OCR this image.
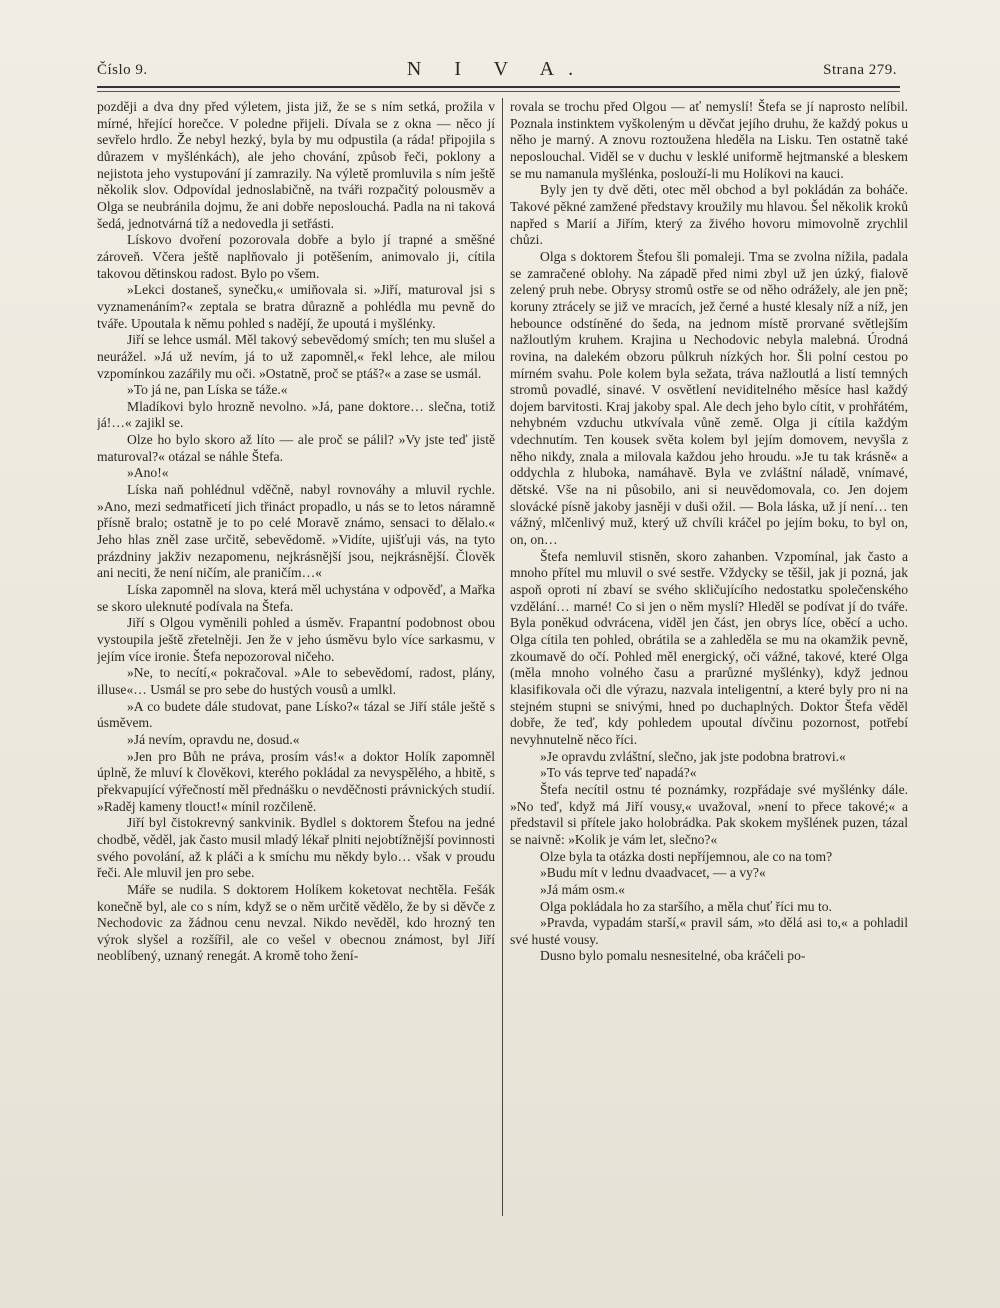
Číslo 9.	N I V A.	Strana 279.

později a dva dny před výletem, jista již, že se s ním setká, prožila v mírné, hřející horečce. V poledne přijeli. Dívala se z okna — něco jí sevřelo hrdlo. Že nebyl hezký, byla by mu odpustila (a ráda! připojila s důrazem v myšlénkách), ale jeho chování, způsob řeči, poklony a nejistota jeho vystupování jí zamrazily. Na výletě promluvila s ním ještě několik slov. Odpovídal jednoslabičně, na tváři rozpačitý polousměv a Olga se neubránila dojmu, že ani dobře neposlouchá. Padla na ni taková šedá, jednotvárná tíž a nedovedla ji setřásti.

Lískovo dvoření pozorovala dobře a bylo jí trapné a směšné zároveň. Včera ještě naplňovalo ji potěšením, animovalo ji, cítila takovou dětinskou radost. Bylo po všem.

»Lekci dostaneš, synečku,« umiňovala si. »Jiří, maturoval jsi s vyznamenáním?« zeptala se bratra důrazně a pohlédla mu pevně do tváře. Upoutala k němu pohled s nadějí, že upoutá i myšlénky.

Jiří se lehce usmál. Měl takový sebevědomý smích; ten mu slušel a neurážel. »Já už nevím, já to už zapomněl,« řekl lehce, ale milou vzpomínkou zazářily mu oči. »Ostatně, proč se ptáš?« a zase se usmál.

»To já ne, pan Líska se táže.«

Mladíkovi bylo hrozně nevolno. »Já, pane doktore… slečna, totiž já!…« zajikl se.

Olze ho bylo skoro až líto — ale proč se pálil? »Vy jste teď jistě maturoval?« otázal se náhle Štefa.

»Ano!«

Líska naň pohlédnul vděčně, nabyl rovnováhy a mluvil rychle. »Ano, mezi sedmatřicetí jich třináct propadlo, u nás se to letos náramně přísně bralo; ostatně je to po celé Moravě známo, sensaci to dělalo.« Jeho hlas zněl zase určitě, sebevědomě. »Vidíte, ujišťuji vás, na tyto prázdniny jakživ nezapomenu, nejkrásnější jsou, nejkrásnější. Člověk ani neciti, že není ničím, ale praničím…«

Líska zapomněl na slova, která měl uchystána v odpověď, a Mařka se skoro uleknuté podívala na Štefa.

Jiří s Olgou vyměnili pohled a úsměv. Frapantní podobnost obou vystoupila ještě zřetelněji. Jen že v jeho úsměvu bylo více sarkasmu, v jejím více ironie. Štefa nepozoroval ničeho.

»Ne, to necítí,« pokračoval. »Ale to sebevědomí, radost, plány, illuse«… Usmál se pro sebe do hustých vousů a umlkl.

»A co budete dále studovat, pane Lísko?« tázal se Jiří stále ještě s úsměvem.

»Já nevím, opravdu ne, dosud.«

»Jen pro Bůh ne práva, prosím vás!« a doktor Holík zapomněl úplně, že mluví k člověkovi, kterého pokládal za nevyspělého, a hbitě, s překvapující výřečností měl přednášku o nevděčnosti právnických studií. »Raděj kameny tlouct!« mínil rozčileně.

Jiří byl čistokrevný sankvinik. Bydlel s doktorem Štefou na jedné chodbě, věděl, jak často musil mladý lékař plniti nejobtížnější povinnosti svého povolání, až k pláči a k smíchu mu někdy bylo… však v proudu řeči. Ale mluvil jen pro sebe.

Máře se nudila. S doktorem Holíkem koketovat nechtěla. Fešák konečně byl, ale co s ním, když se o něm určitě vědělo, že by si děvče z Nechodovic za žádnou cenu nevzal. Nikdo nevěděl, kdo hrozný ten výrok slyšel a rozšířil, ale co vešel v obecnou známost, byl Jiří neoblíbený, uznaný renegát. A kromě toho žení-

rovala se trochu před Olgou — ať nemyslí! Štefa se jí naprosto nelíbil. Poznala instinktem vyškoleným u děvčat jejího druhu, že každý pokus u něho je marný. A znovu roztoužena hleděla na Lisku. Ten ostatně také neposlouchal. Viděl se v duchu v lesklé uniformě hejtmanské a bleskem se mu namanula myšlénka, poslouží-li mu Holíkovi na kauci.

Byly jen ty dvě děti, otec měl obchod a byl pokládán za boháče. Takové pěkné zamžené představy kroužily mu hlavou. Šel několik kroků napřed s Marií a Jiřím, který za živého hovoru mimovolně zrychlil chůzi.

Olga s doktorem Štefou šli pomaleji. Tma se zvolna nížila, padala se zamračené oblohy. Na západě před nimi zbyl už jen úzký, fialově zelený pruh nebe. Obrysy stromů ostře se od něho odrážely, ale jen pně; koruny ztrácely se již ve mracích, jež černé a husté klesaly níž a níž, jen hebounce odstíněné do šeda, na jednom místě prorvané světlejším nažloutlým kruhem. Krajina u Nechodovic nebyla malebná. Úrodná rovina, na dalekém obzoru půlkruh nízkých hor. Šli polní cestou po mírném svahu. Pole kolem byla sežata, tráva nažloutlá a listí temných stromů povadlé, sinavé. V osvětlení neviditelného měsíce hasl každý dojem barvitosti. Kraj jakoby spal. Ale dech jeho bylo cítit, v prohřátém, nehybném vzduchu utkvívala vůně země. Olga ji cítila každým vdechnutím. Ten kousek světa kolem byl jejím domovem, nevyšla z něho nikdy, znala a milovala každou jeho hroudu. »Je tu tak krásně« a oddychla z hluboka, namáhavě. Byla ve zvláštní náladě, vnímavé, dětské. Vše na ni působilo, ani si neuvědomovala, co. Jen dojem slovácké písně jakoby jasněji v duši ožil. — Bola láska, už jí není… ten vážný, mlčenlivý muž, který už chvíli kráčel po jejím boku, to byl on, on, on…

Štefa nemluvil stisněn, skoro zahanben. Vzpomínal, jak často a mnoho přítel mu mluvil o své sestře. Vždycky se těšil, jak ji pozná, jak aspoň oproti ní zbaví se svého skličujícího nedostatku společenského vzdělání… marné! Co si jen o něm myslí? Hleděl se podívat jí do tváře. Byla poněkud odvrácena, viděl jen část, jen obrys líce, oběcí a ucho. Olga cítila ten pohled, obrátila se a zahleděla se mu na okamžik pevně, zkoumavě do očí. Pohled měl energický, oči vážné, takové, které Olga (měla mnoho volného času a prarůzné myšlénky), když jednou klasifikovala oči dle výrazu, nazvala inteligentní, a které byly pro ni na stejném stupni se snivými, hned po duchaplných. Doktor Štefa věděl dobře, že teď, kdy pohledem upoutal dívčinu pozornost, potřebí nevyhnutelně něco říci.

»Je opravdu zvláštní, slečno, jak jste podobna bratrovi.«

»To vás teprve teď napadá?«

Štefa necítil ostnu té poznámky, rozpřádaje své myšlénky dále. »No teď, když má Jiří vousy,« uvažoval, »není to přece takové;« a představil si přítele jako holobrádka. Pak skokem myšlének puzen, tázal se naivně: »Kolik je vám let, slečno?«

Olze byla ta otázka dosti nepříjemnou, ale co na tom?

»Budu mít v lednu dvaadvacet, — a vy?«

»Já mám osm.«

Olga pokládala ho za staršího, a měla chuť říci mu to.

»Pravda, vypadám starší,« pravil sám, »to dělá asi to,« a pohladil své husté vousy.

Dusno bylo pomalu nesnesitelné, oba kráčeli po-
